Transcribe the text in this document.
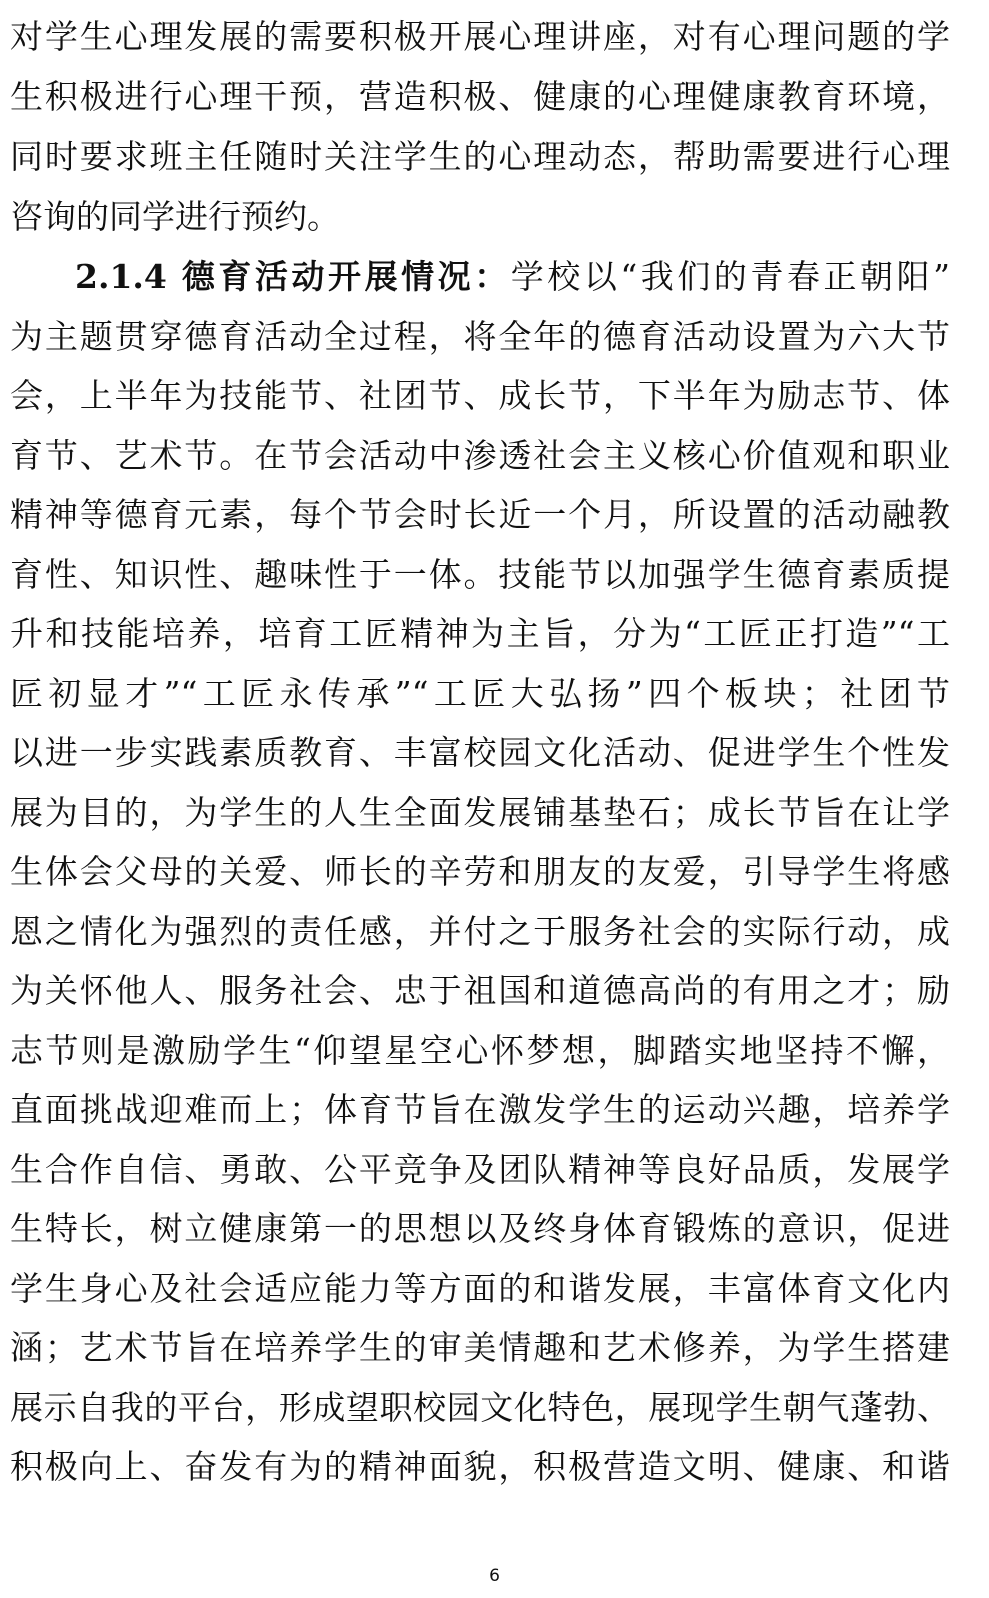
对学生心理发展的需要积极开展心理讲座，对有心理问题的学
生积极进行心理干预，营造积极、健康的心理健康教育环境，
同时要求班主任随时关注学生的心理动态，帮助需要进行心理
咨询的同学进行预约。
2.1.4 德育活动开展情况：学校以“我们的青春正朝阳”
为主题贯穿德育活动全过程，将全年的德育活动设置为六大节
会，上半年为技能节、社团节、成长节，下半年为励志节、体
育节、艺术节。在节会活动中渗透社会主义核心价值观和职业
精神等德育元素，每个节会时长近一个月，所设置的活动融教
育性、知识性、趣味性于一体。技能节以加强学生德育素质提
升和技能培养，培育工匠精神为主旨，分为“工匠正打造”“工
匠初显才”“工匠永传承”“工匠大弘扬”四个板块；社团节
以进一步实践素质教育、丰富校园文化活动、促进学生个性发
展为目的，为学生的人生全面发展铺基垫石；成长节旨在让学
生体会父母的关爱、师长的辛劳和朋友的友爱，引导学生将感
恩之情化为强烈的责任感，并付之于服务社会的实际行动，成
为关怀他人、服务社会、忠于祖国和道德高尚的有用之才；励
志节则是激励学生“仰望星空心怀梦想，脚踏实地坚持不懈，
直面挑战迎难而上；体育节旨在激发学生的运动兴趣，培养学
生合作自信、勇敢、公平竞争及团队精神等良好品质，发展学
生特长，树立健康第一的思想以及终身体育锻炼的意识，促进
学生身心及社会适应能力等方面的和谐发展，丰富体育文化内
涵；艺术节旨在培养学生的审美情趣和艺术修养，为学生搭建
展示自我的平台，形成望职校园文化特色，展现学生朝气蓬勃、
积极向上、奋发有为的精神面貌，积极营造文明、健康、和谐
6
